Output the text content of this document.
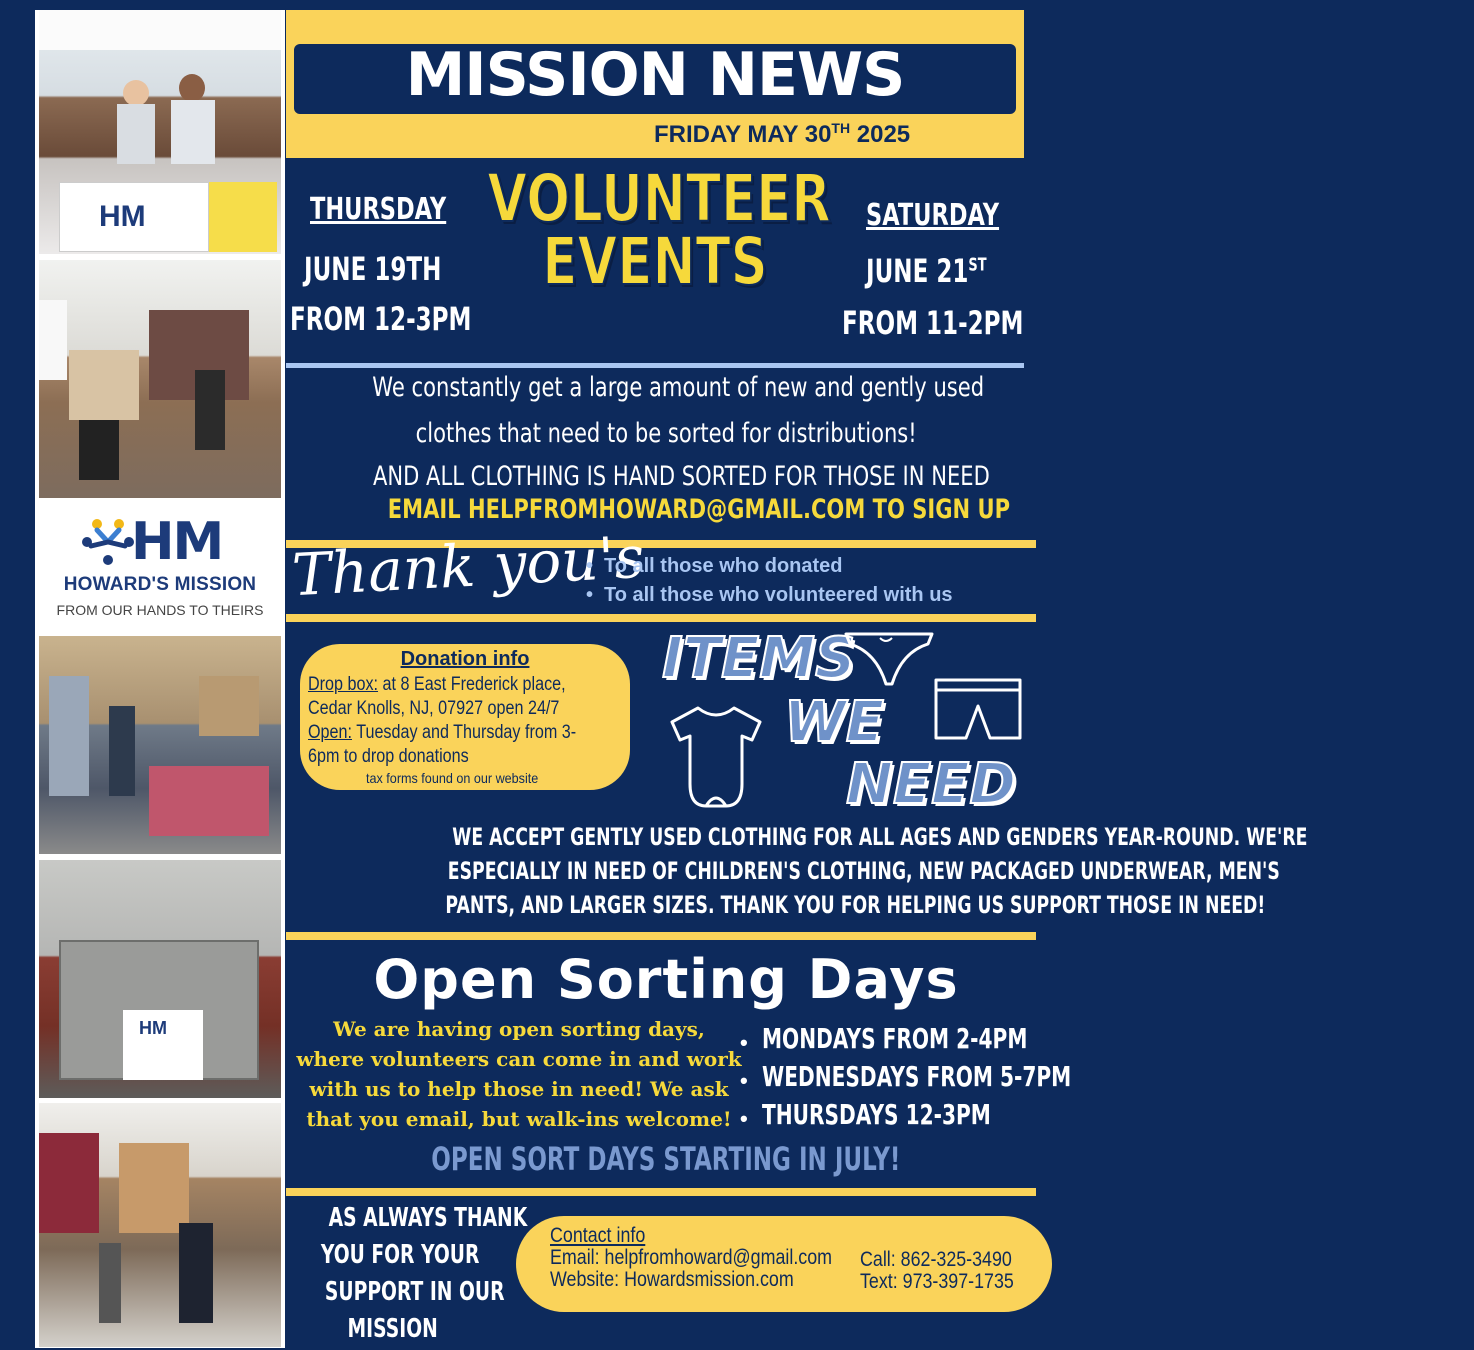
HM
HM
HOWARD'S MISSION
FROM OUR HANDS TO THEIRS
HM
MISSION NEWS
FRIDAY MAY 30TH 2025
THURSDAY
JUNE 19TH
FROM 12-3PM
VOLUNTEER
EVENTS
SATURDAY
JUNE 21ST
FROM 11-2PM
We constantly get a large amount of new and gently used
clothes that need to be sorted for distributions!
AND ALL CLOTHING IS HAND SORTED FOR THOSE IN NEED
EMAIL HELPFROMHOWARD@GMAIL.COM TO SIGN UP
Thank you's
• To all those who donated
• To all those who volunteered with us
Donation info
Drop box: at 8 East Frederick place,
Cedar Knolls, NJ, 07927 open 24/7
Open: Tuesday and Thursday from 3-
6pm to drop donations
tax forms found on our website
ITEMS
WE
NEED
WE ACCEPT GENTLY USED CLOTHING FOR ALL AGES AND GENDERS YEAR-ROUND. WE'RE
ESPECIALLY IN NEED OF CHILDREN'S CLOTHING, NEW PACKAGED UNDERWEAR, MEN'S
PANTS, AND LARGER SIZES. THANK YOU FOR HELPING US SUPPORT THOSE IN NEED!
Open Sorting Days
We are having open sorting days,
where volunteers can come in and work
with us to help those in need! We ask
that you email, but walk-ins welcome!
• MONDAYS FROM 2-4PM
• WEDNESDAYS FROM 5-7PM
• THURSDAYS 12-3PM
OPEN SORT DAYS STARTING IN JULY!
AS ALWAYS THANK
YOU FOR YOUR
SUPPORT IN OUR
MISSION
Contact info
Email: helpfromhoward@gmail.com
Website: Howardsmission.com
Call: 862-325-3490
Text: 973-397-1735
